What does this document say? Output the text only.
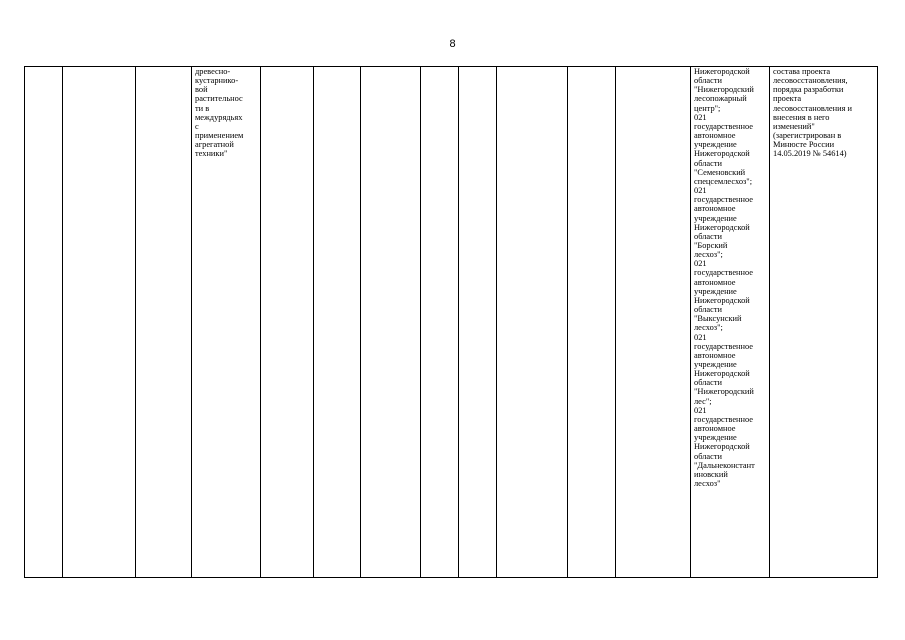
8

древесно-
кустарнико-
вой
растительнос
ти в
междурядьях
с
применением
агрегатной
техники"

Нижегородской
области
"Нижегородский
лесопожарный
центр";
021
государственное
автономное
учреждение
Нижегородской
области
"Семеновский
спецсемлесхоз";
021
государственное
автономное
учреждение
Нижегородской
области
"Борский
лесхоз";
021
государственное
автономное
учреждение
Нижегородской
области
"Выксунский
лесхоз";
021
государственное
автономное
учреждение
Нижегородской
области
"Нижегородский
лес";
021
государственное
автономное
учреждение
Нижегородской
области
"Дальнеконстант
иновский
лесхоз"

состава проекта
лесовосстановления,
порядка разработки
проекта
лесовосстановления и
внесения в него
изменений"
(зарегистрирован в
Минюсте России
14.05.2019 № 54614)
